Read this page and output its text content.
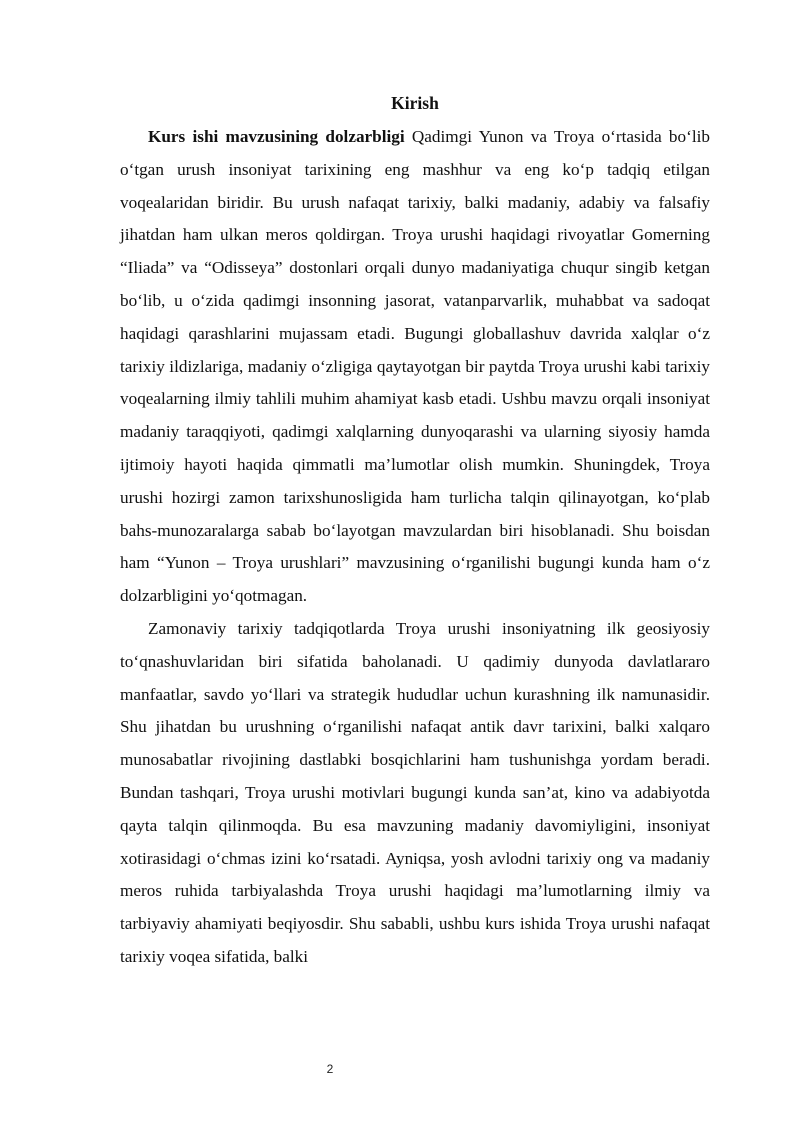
Kirish

Kurs ishi mavzusining dolzarbligi Qadimgi Yunon va Troya o‘rtasida bo‘lib o‘tgan urush insoniyat tarixining eng mashhur va eng ko‘p tadqiq etilgan voqealaridan biridir. Bu urush nafaqat tarixiy, balki madaniy, adabiy va falsafiy jihatdan ham ulkan meros qoldirgan. Troya urushi haqidagi rivoyatlar Gomerning “Iliada” va “Odisseya” dostonlari orqali dunyo madaniyatiga chuqur singib ketgan bo‘lib, u o‘zida qadimgi insonning jasorat, vatanparvarlik, muhabbat va sadoqat haqidagi qarashlarini mujassam etadi. Bugungi globallashuv davrida xalqlar o‘z tarixiy ildizlariga, madaniy o‘zligiga qaytayotgan bir paytda Troya urushi kabi tarixiy voqealarning ilmiy tahlili muhim ahamiyat kasb etadi. Ushbu mavzu orqali insoniyat madaniy taraqqiyoti, qadimgi xalqlarning dunyoqarashi va ularning siyosiy hamda ijtimoiy hayoti haqida qimmatli ma’lumotlar olish mumkin. Shuningdek, Troya urushi hozirgi zamon tarixshunosligida ham turlicha talqin qilinayotgan, ko‘plab bahs-munozaralarga sabab bo‘layotgan mavzulardan biri hisoblanadi. Shu boisdan ham “Yunon – Troya urushlari” mavzusining o‘rganilishi bugungi kunda ham o‘z dolzarbligini yo‘qotmagan.

Zamonaviy tarixiy tadqiqotlarda Troya urushi insoniyatning ilk geosiyosiy to‘qnashuvlaridan biri sifatida baholanadi. U qadimiy dunyoda davlatlararo manfaatlar, savdo yo‘llari va strategik hududlar uchun kurashning ilk namunasidir. Shu jihatdan bu urushning o‘rganilishi nafaqat antik davr tarixini, balki xalqaro munosabatlar rivojining dastlabki bosqichlarini ham tushunishga yordam beradi. Bundan tashqari, Troya urushi motivlari bugungi kunda san’at, kino va adabiyotda qayta talqin qilinmoqda. Bu esa mavzuning madaniy davomiyligini, insoniyat xotirasidagi o‘chmas izini ko‘rsatadi. Ayniqsa, yosh avlodni tarixiy ong va madaniy meros ruhida tarbiyalashda Troya urushi haqidagi ma’lumotlarning ilmiy va tarbiyaviy ahamiyati beqiyosdir. Shu sababli, ushbu kurs ishida Troya urushi nafaqat tarixiy voqea sifatida, balki

2
